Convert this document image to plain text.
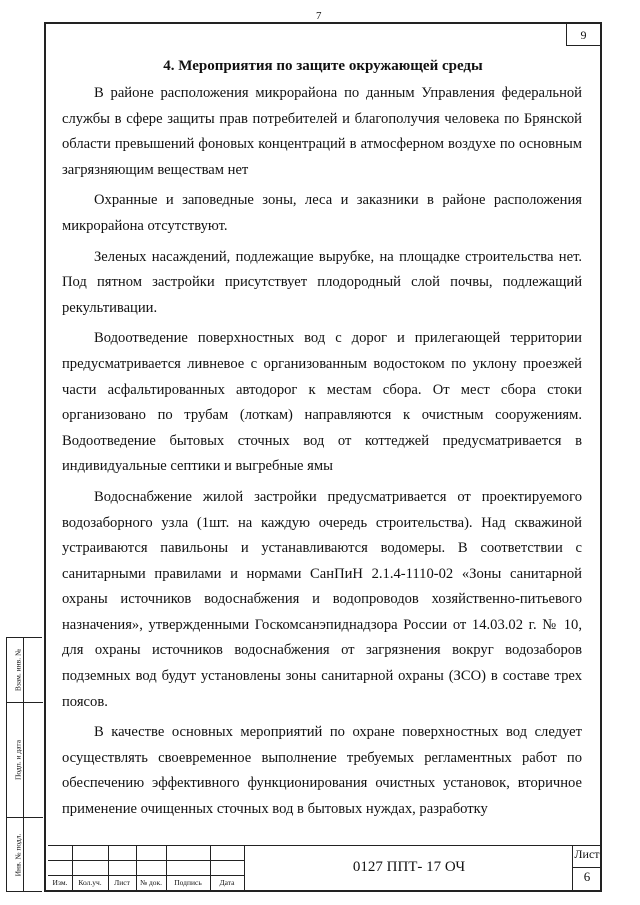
7
9
4. Мероприятия по защите окружающей среды

В районе расположения микрорайона по данным Управления федеральной службы в сфере защиты прав потребителей и благополучия человека по Брянской области превышений фоновых концентраций в атмосферном воздухе по основным загрязняющим веществам нет

Охранные и заповедные зоны, леса и заказники в районе расположения микрорайона отсутствуют.

Зеленых насаждений, подлежащие вырубке, на площадке строительства нет. Под пятном застройки присутствует плодородный слой почвы, подлежащий рекультивации.

Водоотведение поверхностных вод с дорог и прилегающей территории предусматривается ливневое с организованным водостоком по уклону проезжей части асфальтированных автодорог к местам сбора. От мест сбора стоки организовано по трубам (лоткам) направляются к очистным сооружениям. Водоотведение бытовых сточных вод от коттеджей предусматривается в индивидуальные септики и выгребные ямы

Водоснабжение жилой застройки предусматривается от проектируемого водозаборного узла (1шт. на каждую очередь строительства). Над скважиной устраиваются павильоны и устанавливаются водомеры. В соответствии с санитарными правилами и нормами СанПиН 2.1.4-1110-02 «Зоны санитарной охраны источников водоснабжения и водопроводов хозяйственно-питьевого назначения», утвержденными Госкомсанэпиднадзора России от 14.03.02 г. № 10, для охраны источников водоснабжения от загрязнения вокруг водозаборов подземных вод будут установлены зоны санитарной охраны (ЗСО) в составе трех поясов.

В качестве основных мероприятий по охране поверхностных вод следует осуществлять своевременное выполнение требуемых регламентных работ по обеспечению эффективного функционирования очистных установок, вторичное применение очищенных сточных вод в бытовых нуждах, разработку

Взам. инв. №
Подп. и дата
Инв. № подл.
Изм.	Кол.уч.	Лист	№ док.	Подпись	Дата
0127 ППТ- 17 ОЧ
Лист
6
